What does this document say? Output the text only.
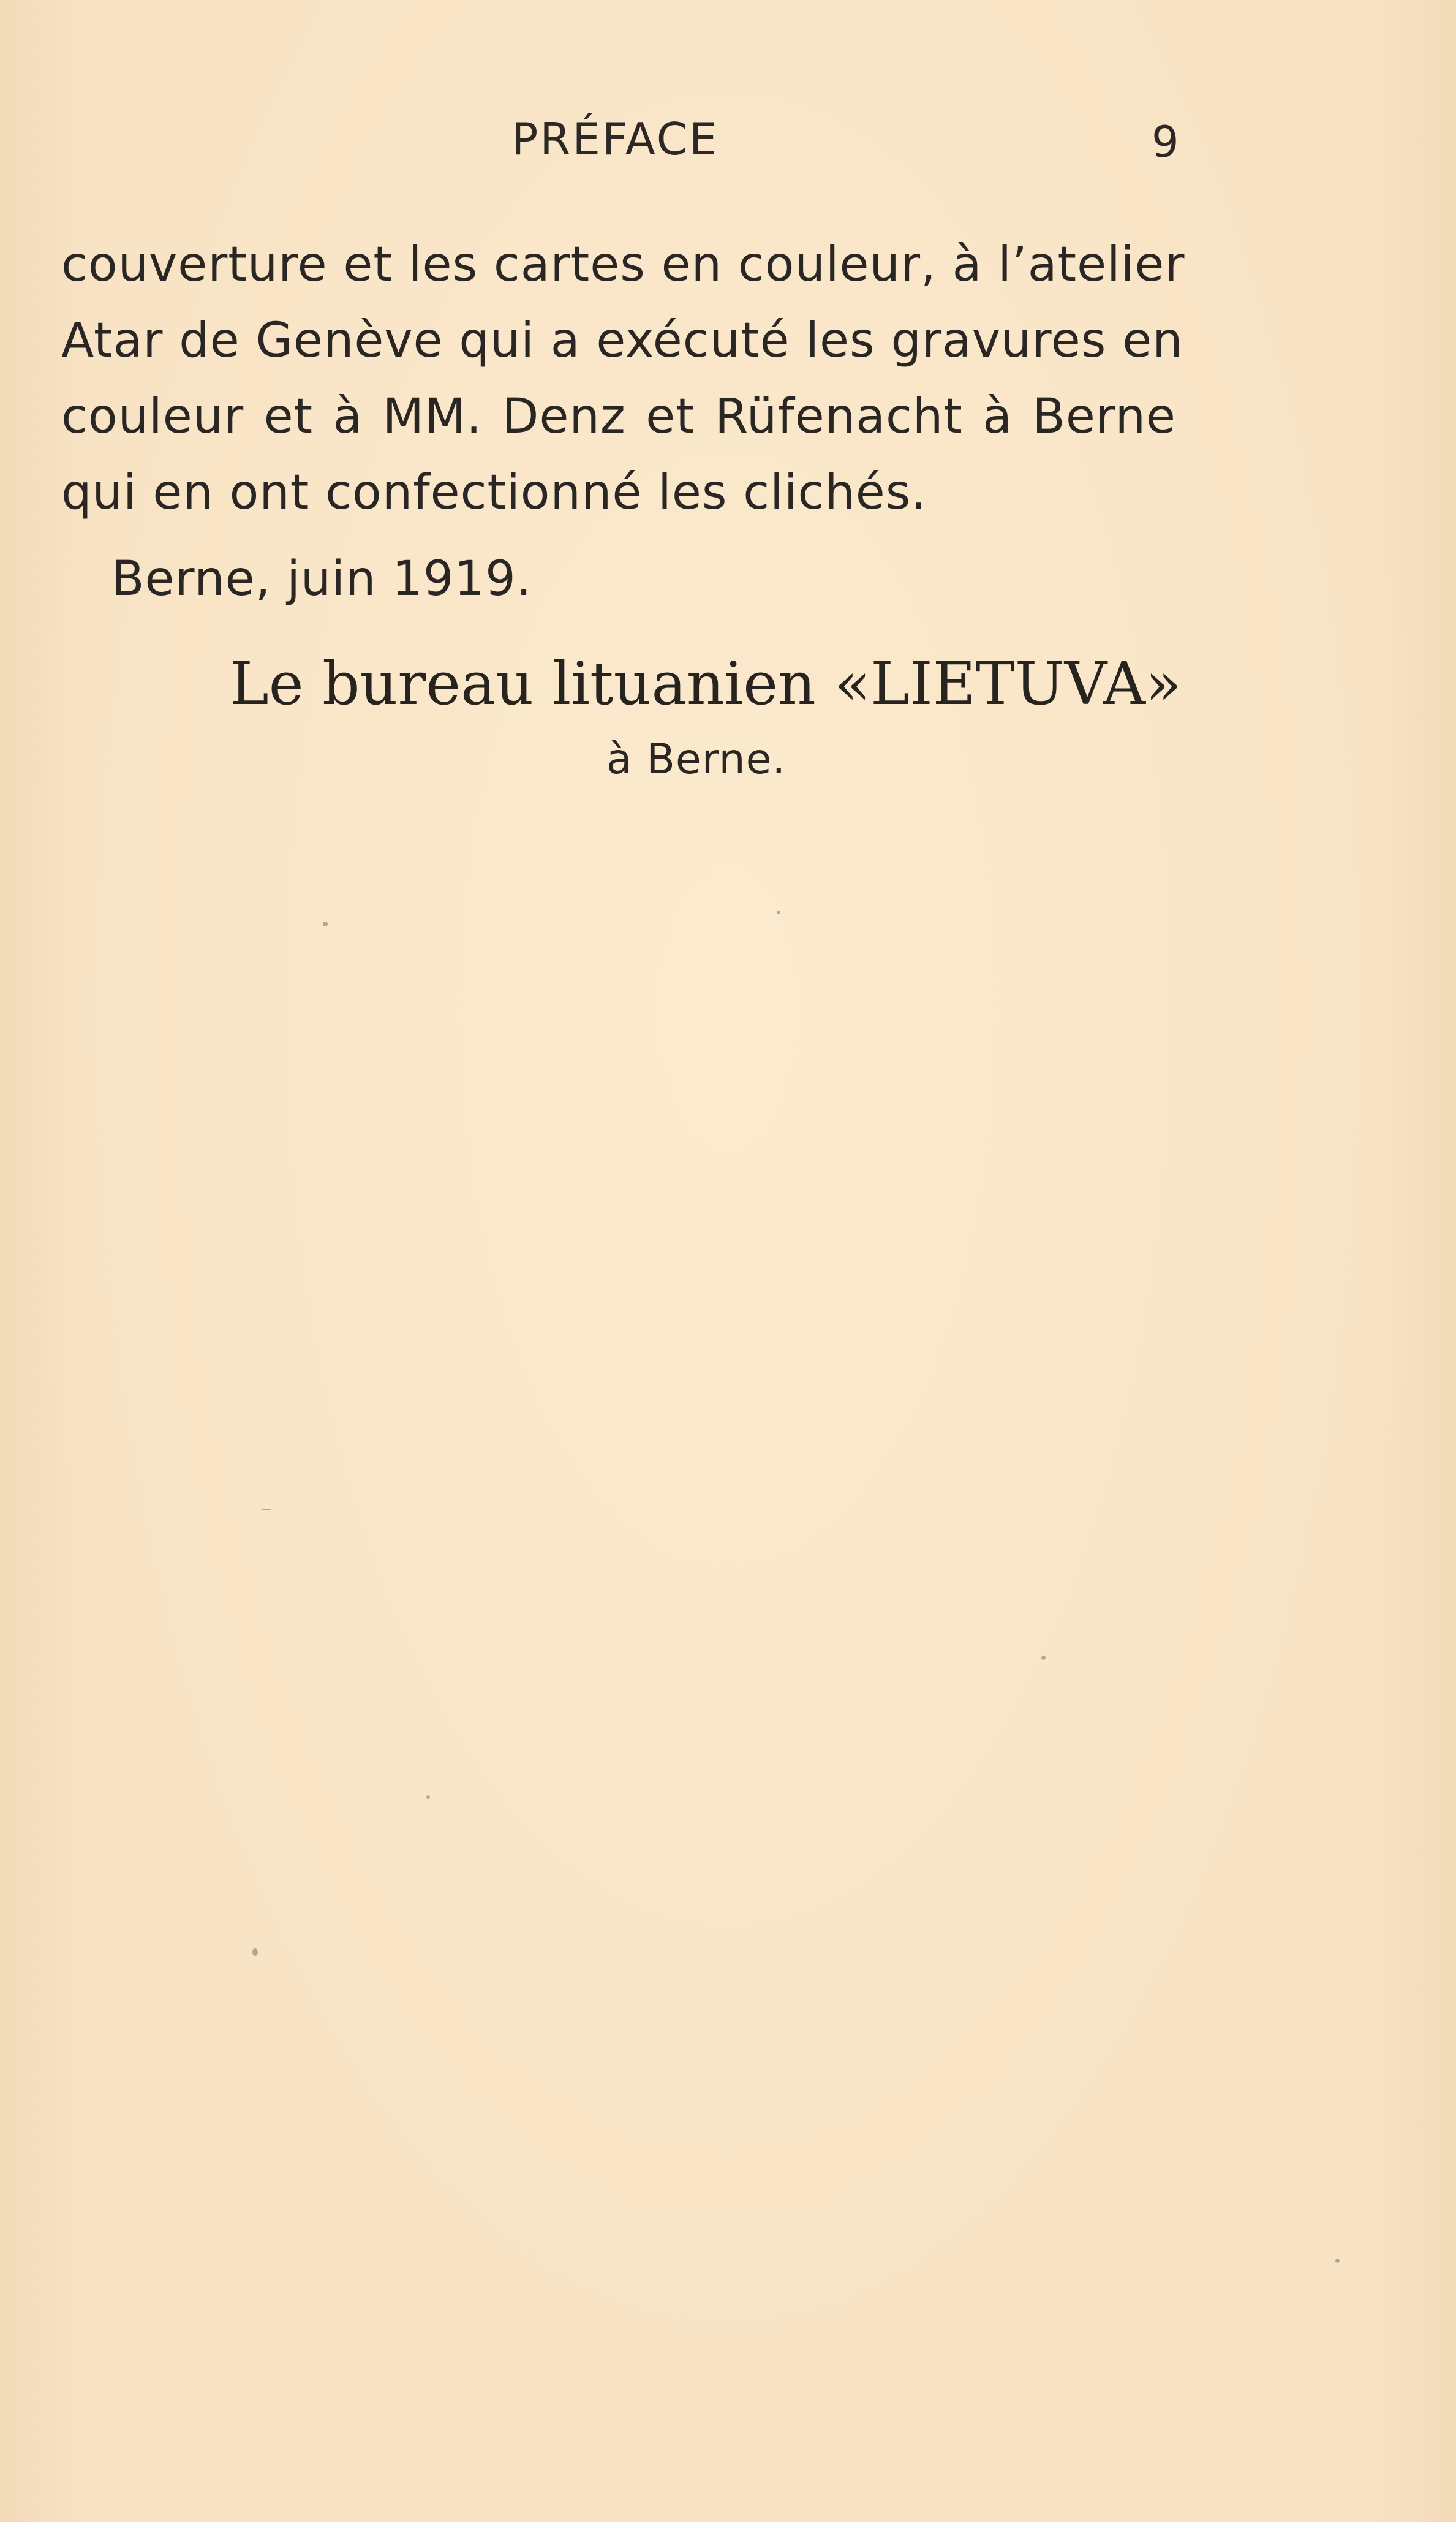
PRÉFACE	9
couverture et les cartes en couleur, à l’atelier
Atar de Genève qui a exécuté les gravures en
couleur et à MM. Denz et Rüfenacht à Berne
qui en ont confectionné les clichés.
Berne, juin 1919.
Le bureau lituanien «LIETUVA»
à Berne.
